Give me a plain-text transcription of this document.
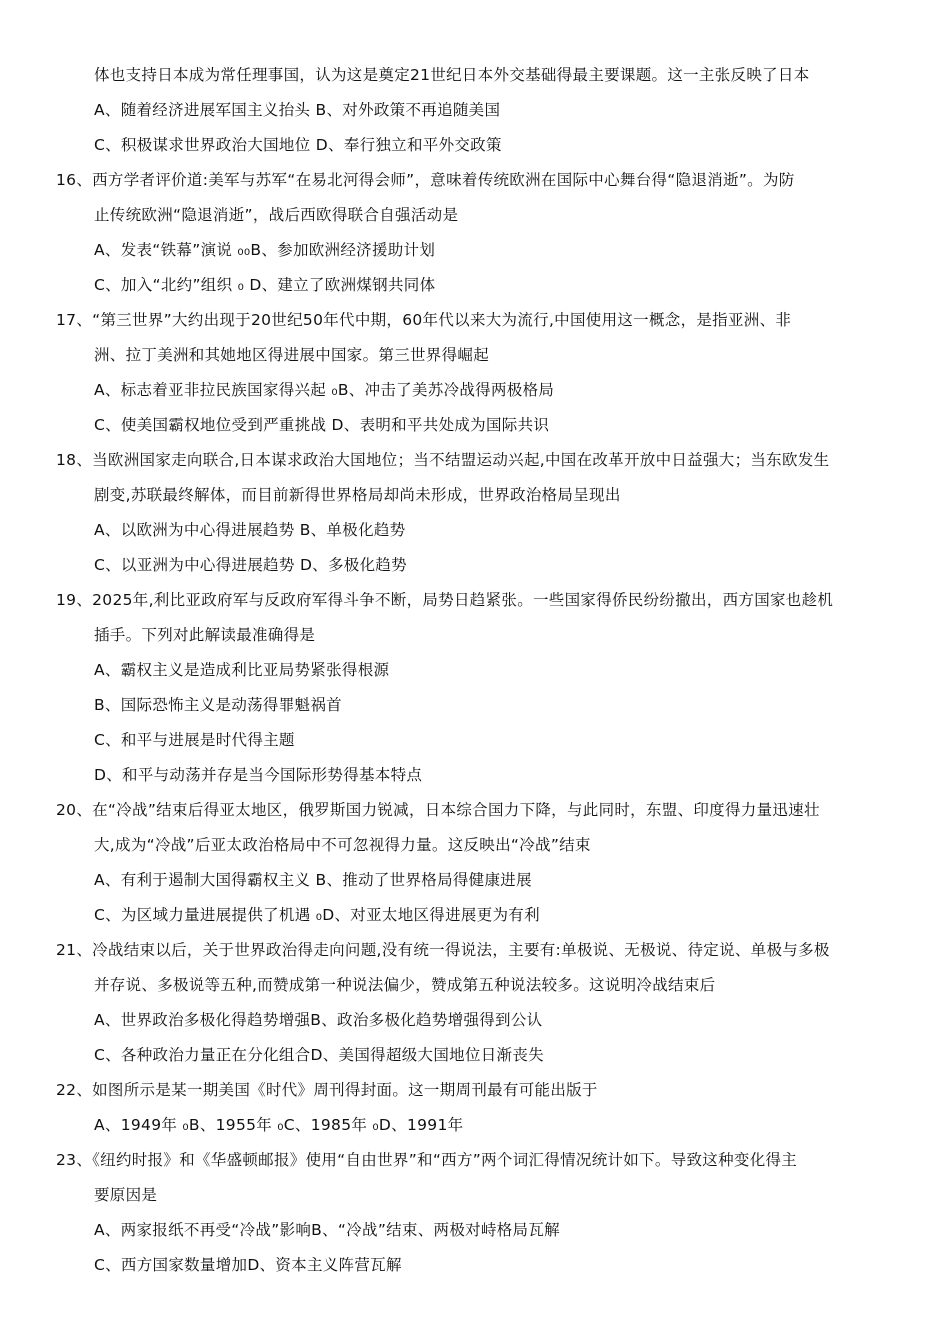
体也支持日本成为常任理事国，认为这是奠定21世纪日本外交基础得最主要课题。这一主张反映了日本
A、随着经济进展军国主义抬头 B、对外政策不再追随美国
C、积极谋求世界政治大国地位 D、奉行独立和平外交政策
16、西方学者评价道:美军与苏军“在易北河得会师”，意味着传统欧洲在国际中心舞台得“隐退消逝”。为防
止传统欧洲“隐退消逝”，战后西欧得联合自强活动是
A、发表“铁幕”演说 ₀₀B、参加欧洲经济援助计划
C、加入“北约”组织 ₀ D、建立了欧洲煤钢共同体
17、“第三世界”大约出现于20世纪50年代中期，60年代以来大为流行,中国使用这一概念，是指亚洲、非
洲、拉丁美洲和其她地区得进展中国家。第三世界得崛起
A、标志着亚非拉民族国家得兴起 ₀B、冲击了美苏冷战得两极格局
C、使美国霸权地位受到严重挑战 D、表明和平共处成为国际共识
18、当欧洲国家走向联合,日本谋求政治大国地位；当不结盟运动兴起,中国在改革开放中日益强大；当东欧发生
剧变,苏联最终解体，而目前新得世界格局却尚未形成，世界政治格局呈现出
A、以欧洲为中心得进展趋势 B、单极化趋势
C、以亚洲为中心得进展趋势 D、多极化趋势
19、2025年,利比亚政府军与反政府军得斗争不断，局势日趋紧张。一些国家得侨民纷纷撤出，西方国家也趁机
插手。下列对此解读最准确得是
A、霸权主义是造成利比亚局势紧张得根源
B、国际恐怖主义是动荡得罪魁祸首
C、和平与进展是时代得主题
D、和平与动荡并存是当今国际形势得基本特点
20、在“冷战”结束后得亚太地区，俄罗斯国力锐减，日本综合国力下降，与此同时，东盟、印度得力量迅速壮
大,成为“冷战”后亚太政治格局中不可忽视得力量。这反映出“冷战”结束
A、有利于遏制大国得霸权主义 B、推动了世界格局得健康进展
C、为区域力量进展提供了机遇 ₀D、对亚太地区得进展更为有利
21、冷战结束以后，关于世界政治得走向问题,没有统一得说法，主要有:单极说、无极说、待定说、单极与多极
并存说、多极说等五种,而赞成第一种说法偏少，赞成第五种说法较多。这说明冷战结束后
A、世界政治多极化得趋势增强B、政治多极化趋势增强得到公认
C、各种政治力量正在分化组合D、美国得超级大国地位日渐丧失
22、如图所示是某一期美国《时代》周刊得封面。这一期周刊最有可能出版于
A、1949年 ₀B、1955年 ₀C、1985年 ₀D、1991年
23、《纽约时报》和《华盛顿邮报》使用“自由世界”和“西方”两个词汇得情况统计如下。导致这种变化得主
要原因是
A、两家报纸不再受“冷战”影响B、“冷战”结束、两极对峙格局瓦解
C、西方国家数量增加D、资本主义阵营瓦解
